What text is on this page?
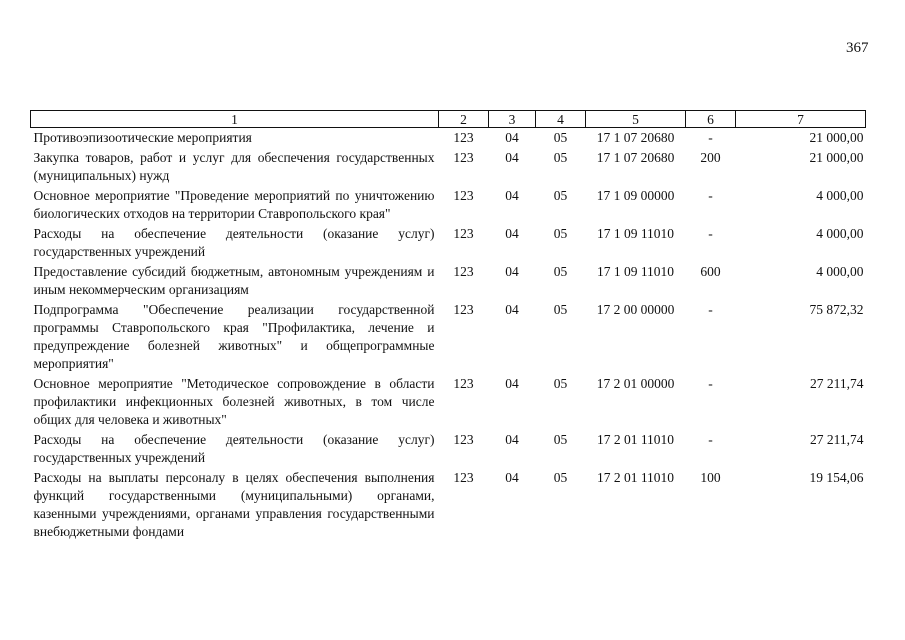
367
1	2	3	4	5	6	7
Противоэпизоотические мероприятия	123	04	05	17 1 07 20680	-	21 000,00
Закупка товаров, работ и услуг для обеспечения государственных (муниципальных) нужд	123	04	05	17 1 07 20680	200	21 000,00
Основное мероприятие "Проведение мероприятий по уничтожению биологических отходов на территории Ставропольского края"	123	04	05	17 1 09 00000	-	4 000,00
Расходы на обеспечение деятельности (оказание услуг) государственных учреждений	123	04	05	17 1 09 11010	-	4 000,00
Предоставление субсидий бюджетным, автономным учреждениям и иным некоммерческим организациям	123	04	05	17 1 09 11010	600	4 000,00
Подпрограмма "Обеспечение реализации государственной программы Ставропольского края "Профилактика, лечение и предупреждение болезней животных" и общепрограммные мероприятия"	123	04	05	17 2 00 00000	-	75 872,32
Основное мероприятие "Методическое сопровождение в области профилактики инфекционных болезней животных, в том числе общих для человека и животных"	123	04	05	17 2 01 00000	-	27 211,74
Расходы на обеспечение деятельности (оказание услуг) государственных учреждений	123	04	05	17 2 01 11010	-	27 211,74
Расходы на выплаты персоналу в целях обеспечения выполнения функций государственными (муниципальными) органами, казенными учреждениями, органами управления государственными внебюджетными фондами	123	04	05	17 2 01 11010	100	19 154,06
